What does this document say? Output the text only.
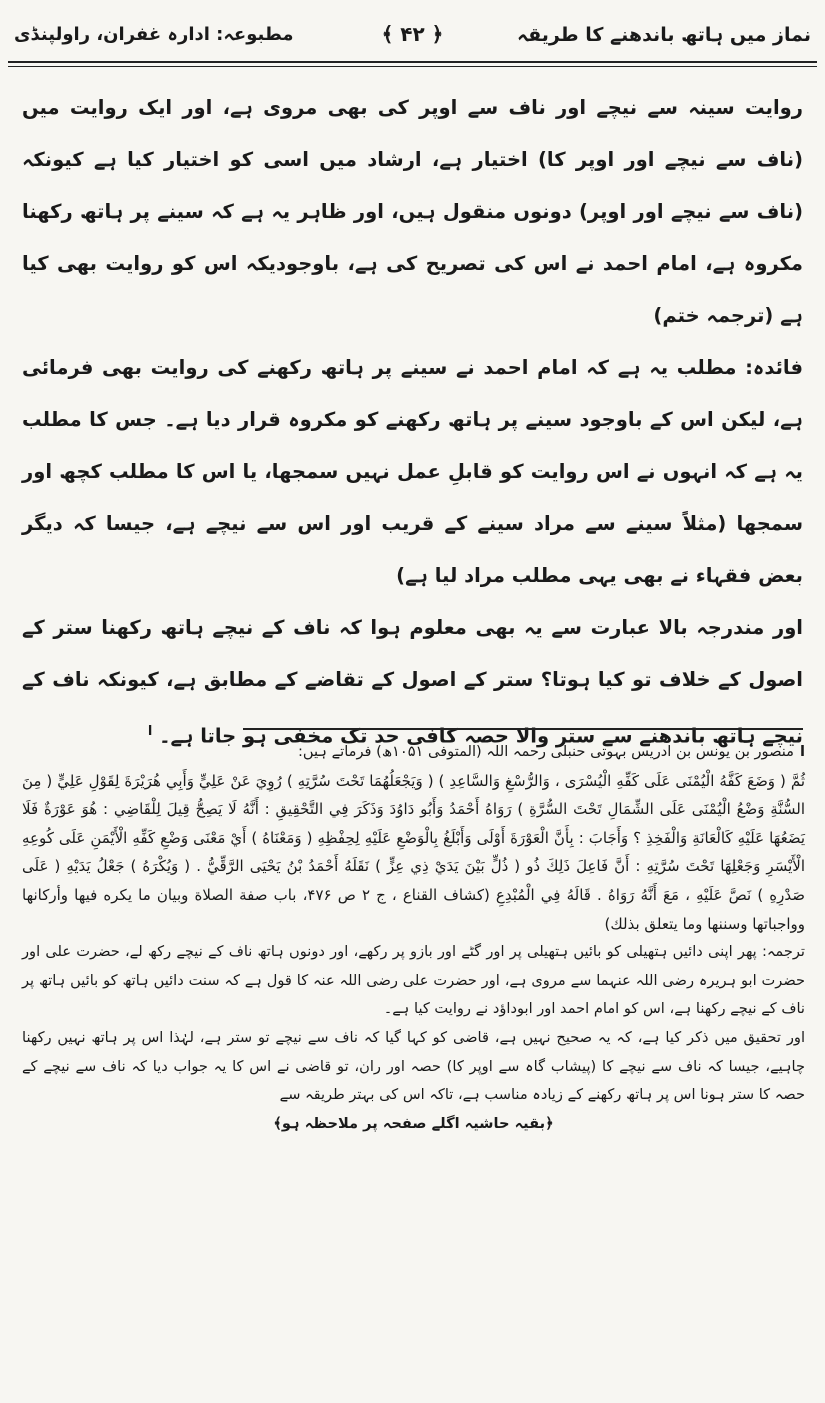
نماز میں ہاتھ باندھنے کا طریقہ
﴿ ۴۲ ﴾
مطبوعہ: ادارہ غفران، راولپنڈی

روایت سینہ سے نیچے اور ناف سے اوپر کی بھی مروی ہے، اور ایک روایت میں (ناف سے نیچے اور اوپر کا) اختیار ہے، ارشاد میں اسی کو اختیار کیا ہے کیونکہ (ناف سے نیچے اور اوپر) دونوں منقول ہیں، اور ظاہر یہ ہے کہ سینے پر ہاتھ رکھنا مکروہ ہے، امام احمد نے اس کی تصریح کی ہے، باوجودیکہ اس کو روایت بھی کیا ہے (ترجمہ ختم)

فائدہ: مطلب یہ ہے کہ امام احمد نے سینے پر ہاتھ رکھنے کی روایت بھی فرمائی ہے، لیکن اس کے باوجود سینے پر ہاتھ رکھنے کو مکروہ قرار دیا ہے۔ جس کا مطلب یہ ہے کہ انہوں نے اس روایت کو قابلِ عمل نہیں سمجھا، یا اس کا مطلب کچھ اور سمجھا (مثلاً سینے سے مراد سینے کے قریب اور اس سے نیچے ہے، جیسا کہ دیگر بعض فقہاء نے بھی یہی مطلب مراد لیا ہے)

اور مندرجہ بالا عبارت سے یہ بھی معلوم ہوا کہ ناف کے نیچے ہاتھ رکھنا ستر کے اصول کے خلاف تو کیا ہوتا؟ ستر کے اصول کے تقاضے کے مطابق ہے، کیونکہ ناف کے نیچے ہاتھ باندھنے سے ستر والا حصہ کافی حد تک مخفی ہو جاتا ہے۔ $^ا$

امنصور بن یونس بن ادریس بہوتی حنبلی رحمہ اللہ (المتوفی ۱۰۵۱ھ) فرماتے ہیں:

ثُمَّ ( وَضَعَ كَفَّهُ الْيُمْنَى عَلَى كَفِّهِ الْيُسْرَى ، وَالرُّسْغِ وَالسَّاعِدِ ) ( وَيَجْعَلُهُمَا تَحْتَ سُرَّتِهِ ) رُوِيَ عَنْ عَلِيٍّ وَأَبِي هُرَيْرَةَ لِقَوْلِ عَلِيٍّ ( مِنَ السُّنَّةِ وَضْعُ الْيُمْنَى عَلَى الشِّمَالِ تَحْتَ السُّرَّةِ ) رَوَاهُ أَحْمَدُ وَأَبُو دَاوُدَ وَذَكَرَ فِي التَّحْقِيقِ : أَنَّهُ لَا يَصِحُّ قِيلَ لِلْقَاضِي : هُوَ عَوْرَةٌ فَلَا يَضَعُهَا عَلَيْهِ كَالْعَانَةِ وَالْفَخِذِ ؟ وَأَجَابَ : بِأَنَّ الْعَوْرَةَ أَوْلَى وَأَبْلَغُ بِالْوَضْعِ عَلَيْهِ لِحِفْظِهِ ( وَمَعْنَاهُ ) أَيْ مَعْنَى وَضْعِ كَفِّهِ الْأَيْمَنِ عَلَى كُوعِهِ الْأَيْسَرِ وَجَعْلِهَا تَحْتَ سُرَّتِهِ : أَنَّ فَاعِلَ ذَلِكَ ذُو ( ذُلٍّ بَيْنَ يَدَيْ ذِي عِزٍّ ) نَقَلَهُ أَحْمَدُ بْنُ يَحْيَى الرَّقِّيُّ . ( وَيُكْرَهُ ) جَعْلُ يَدَيْهِ ( عَلَى صَدْرِهِ ) نَصَّ عَلَيْهِ ، مَعَ أَنَّهُ رَوَاهُ . قَالَهُ فِي الْمُبْدِعِ (كشاف القناع ، ج ۲ ص ۴۷۶، باب صفة الصلاة وبيان ما يكره فيها وأركانها وواجباتها وسننها وما يتعلق بذلك)

ترجمہ: پھر اپنی دائیں ہتھیلی کو بائیں ہتھیلی پر اور گٹے اور بازو پر رکھے، اور دونوں ہاتھ ناف کے نیچے رکھ لے، حضرت علی اور حضرت ابو ہریرہ رضی اللہ عنہما سے مروی ہے، اور حضرت علی رضی اللہ عنہ کا قول ہے کہ سنت دائیں ہاتھ کو بائیں ہاتھ پر ناف کے نیچے رکھنا ہے، اس کو امام احمد اور ابوداؤد نے روایت کیا ہے۔

اور تحقیق میں ذکر کیا ہے، کہ یہ صحیح نہیں ہے، قاضی کو کہا گیا کہ ناف سے نیچے تو ستر ہے، لہٰذا اس پر ہاتھ نہیں رکھنا چاہیے، جیسا کہ ناف سے نیچے کا (پیشاب گاہ سے اوپر کا) حصہ اور ران، تو قاضی نے اس کا یہ جواب دیا کہ ناف سے نیچے کے حصہ کا ستر ہونا اس پر ہاتھ رکھنے کے زیادہ مناسب ہے، تاکہ اس کی بہتر طریقہ سے

﴿بقیہ حاشیہ اگلے صفحہ پر ملاحظہ ہو﴾
